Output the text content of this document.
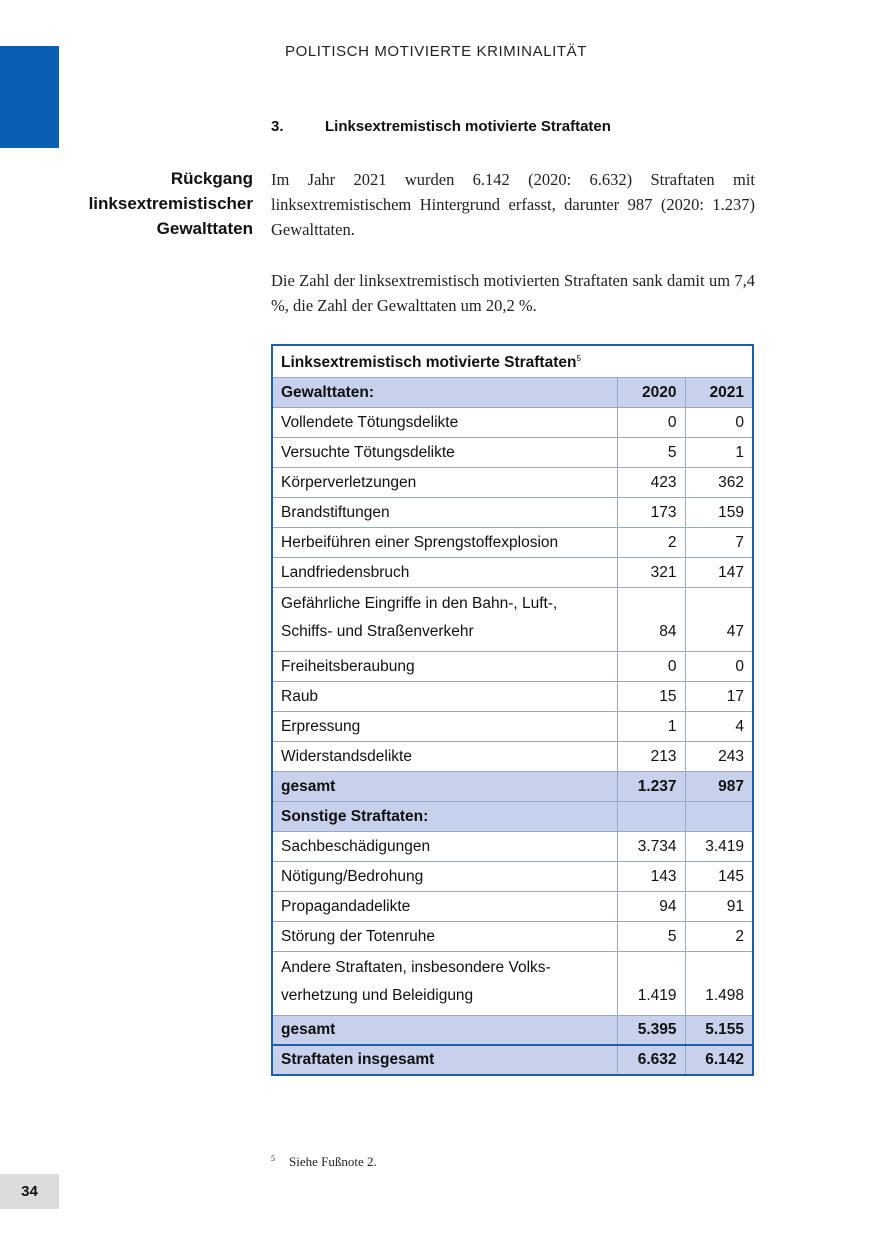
POLITISCH MOTIVIERTE KRIMINALITÄT
3.	Linksextremistisch motivierte Straftaten
Rückgang
linksextremistischer
Gewalttaten

Im Jahr 2021 wurden 6.142 (2020: 6.632) Straftaten mit linksextremistischem Hintergrund erfasst, darunter 987 (2020: 1.237) Gewalttaten.

Die Zahl der linksextremistisch motivierten Straftaten sank damit um 7,4 %, die Zahl der Gewalttaten um 20,2 %.

Linksextremistisch motivierte Straftaten$^5$
Gewalttaten:	2020	2021
Vollendete Tötungsdelikte	0	0
Versuchte Tötungsdelikte	5	1
Körperverletzungen	423	362
Brandstiftungen	173	159
Herbeiführen einer Sprengstoffexplosion	2	7
Landfriedensbruch	321	147
Gefährliche Eingriffe in den Bahn-, Luft-,
Schiffs- und Straßenverkehr	84	47
Freiheitsberaubung	0	0
Raub	15	17
Erpressung	1	4
Widerstandsdelikte	213	243
gesamt	1.237	987
Sonstige Straftaten:		
Sachbeschädigungen	3.734	3.419
Nötigung/Bedrohung	143	145
Propagandadelikte	94	91
Störung der Totenruhe	5	2
Andere Straftaten, insbesondere Volks-
verhetzung und Beleidigung	1.419	1.498
gesamt	5.395	5.155
Straftaten insgesamt	6.632	6.142
5 Siehe Fußnote 2.
34
